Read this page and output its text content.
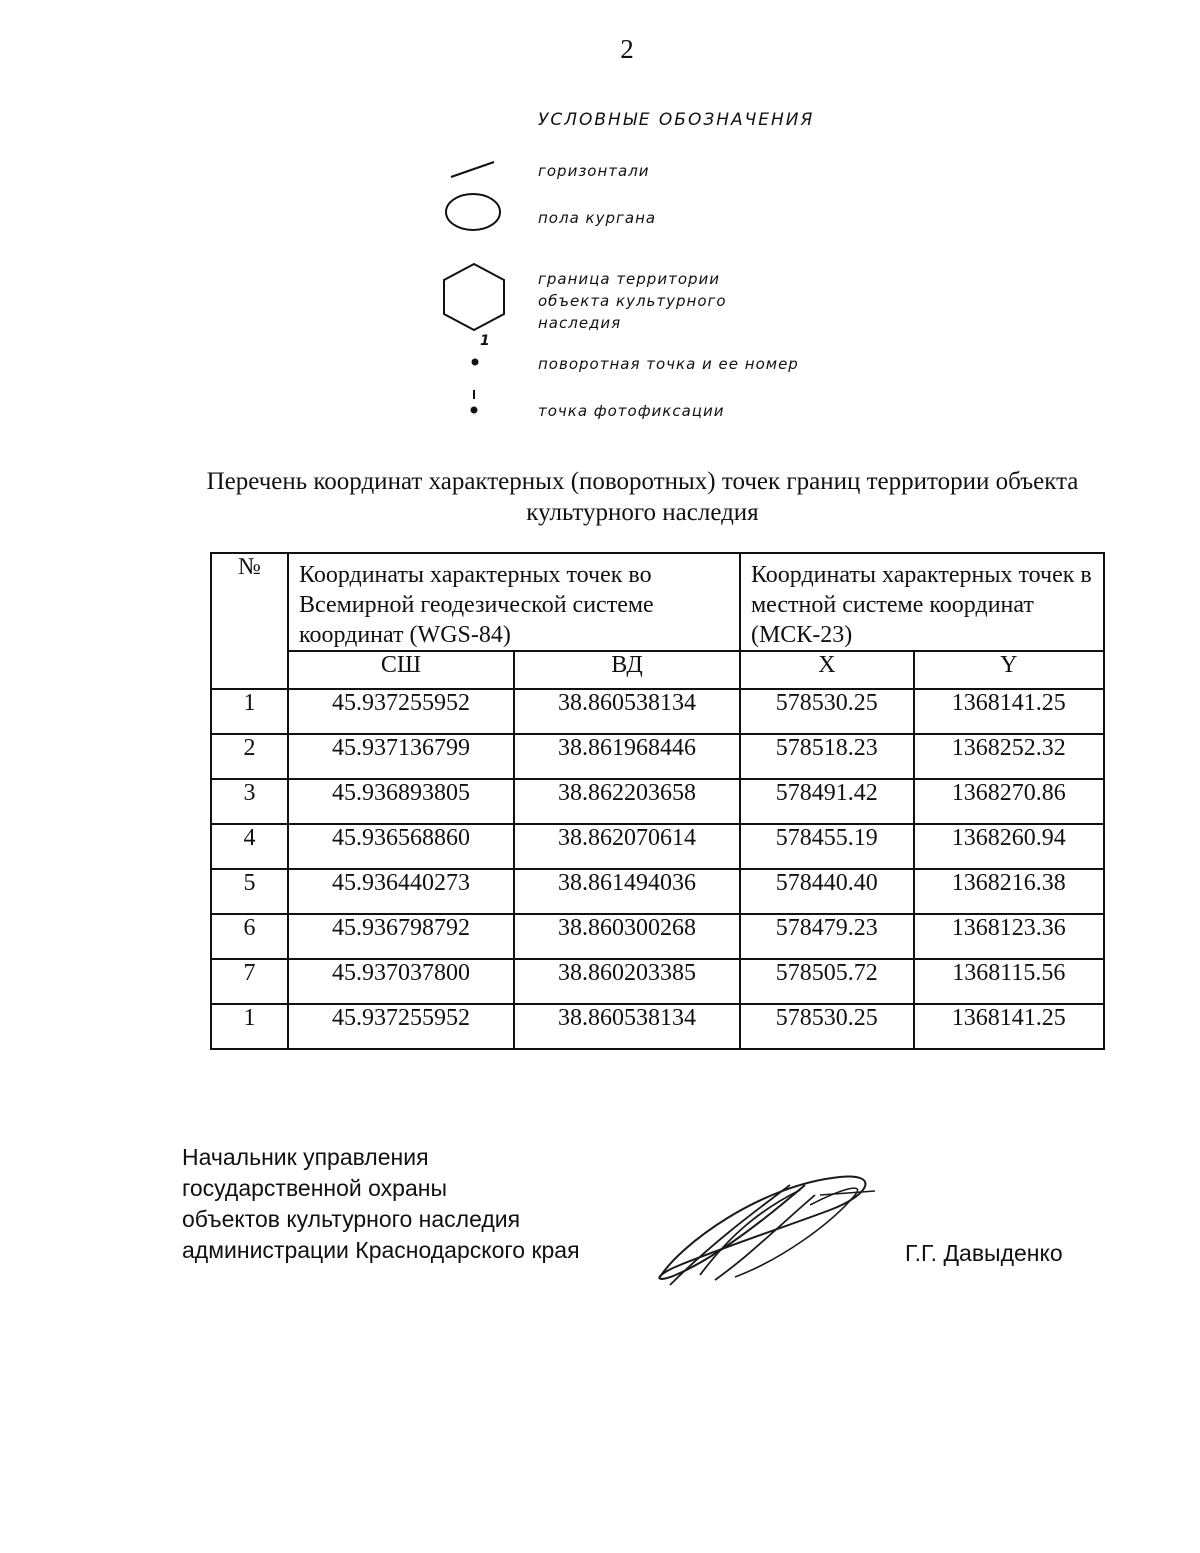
2
УСЛОВНЫЕ ОБОЗНАЧЕНИЯ
горизонтали
пола кургана
граница территории
объекта культурного
наследия
1
поворотная точка и ее номер
точка фотофиксации
Перечень координат характерных (поворотных) точек границ территории объекта культурного наследия
№	Координаты характерных точек во Всемирной геодезической системе координат (WGS-84)		Координаты характерных точек в местной системе координат (МСК-23)	
	СШ	ВД	X	Y
1	45.937255952	38.860538134	578530.25	1368141.25
2	45.937136799	38.861968446	578518.23	1368252.32
3	45.936893805	38.862203658	578491.42	1368270.86
4	45.936568860	38.862070614	578455.19	1368260.94
5	45.936440273	38.861494036	578440.40	1368216.38
6	45.936798792	38.860300268	578479.23	1368123.36
7	45.937037800	38.860203385	578505.72	1368115.56
1	45.937255952	38.860538134	578530.25	1368141.25
Начальник управления
государственной охраны
объектов культурного наследия
администрации Краснодарского края	Г.Г. Давыденко
